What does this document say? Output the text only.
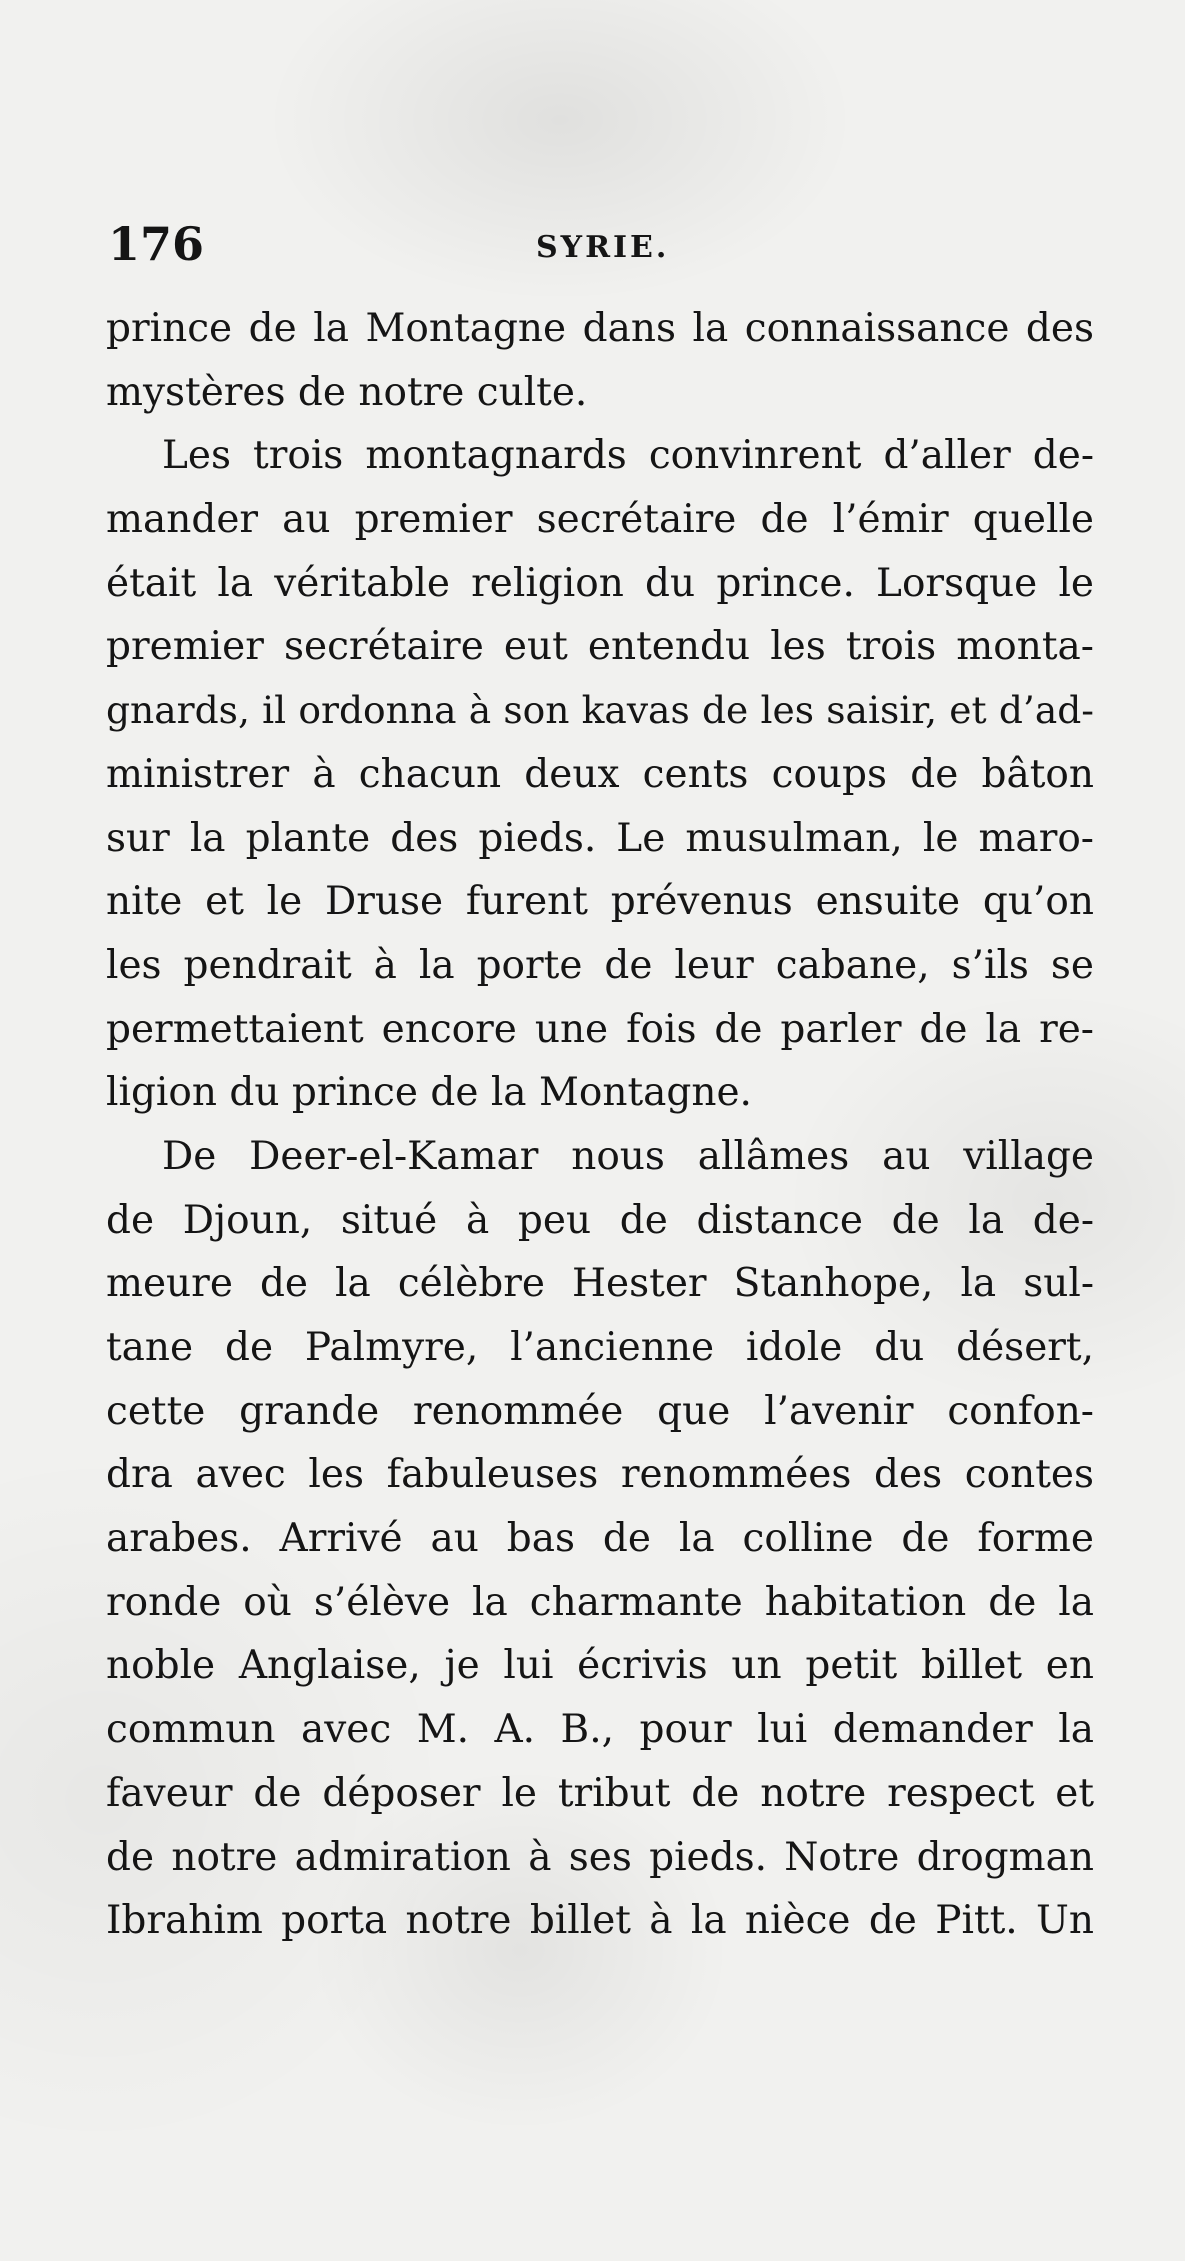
176	SYRIE.
prince de la Montagne dans la connaissance des
mystères de notre culte.
Les trois montagnards convinrent d’aller de-
mander au premier secrétaire de l’émir quelle
était la véritable religion du prince. Lorsque le
premier secrétaire eut entendu les trois monta-
gnards, il ordonna à son kavas de les saisir, et d’ad-
ministrer à chacun deux cents coups de bâton
sur la plante des pieds. Le musulman, le maro-
nite et le Druse furent prévenus ensuite qu’on
les pendrait à la porte de leur cabane, s’ils se
permettaient encore une fois de parler de la re-
ligion du prince de la Montagne.
De Deer-el-Kamar nous allâmes au village
de Djoun, situé à peu de distance de la de-
meure de la célèbre Hester Stanhope, la sul-
tane de Palmyre, l’ancienne idole du désert,
cette grande renommée que l’avenir confon-
dra avec les fabuleuses renommées des contes
arabes. Arrivé au bas de la colline de forme
ronde où s’élève la charmante habitation de la
noble Anglaise, je lui écrivis un petit billet en
commun avec M. A. B., pour lui demander la
faveur de déposer le tribut de notre respect et
de notre admiration à ses pieds. Notre drogman
Ibrahim porta notre billet à la nièce de Pitt. Un
